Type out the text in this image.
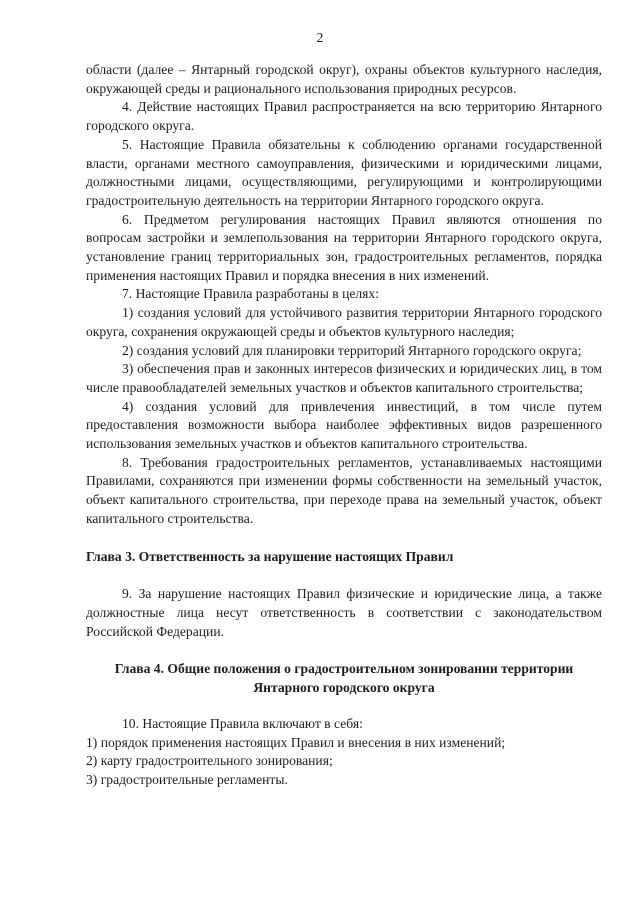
2

области (далее – Янтарный городской округ), охраны объектов культурного наследия, окружающей среды и рационального использования природных ресурсов.

4. Действие настоящих Правил распространяется на всю территорию Янтарного городского округа.

5. Настоящие Правила обязательны к соблюдению органами государственной власти, органами местного самоуправления, физическими и юридическими лицами, должностными лицами, осуществляющими, регулирующими и контролирующими градостроительную деятельность на территории Янтарного городского округа.

6. Предметом регулирования настоящих Правил являются отношения по вопросам застройки и землепользования на территории Янтарного городского округа, установление границ территориальных зон, градостроительных регламентов, порядка применения настоящих Правил и порядка внесения в них изменений.

7. Настоящие Правила разработаны в целях:

1) создания условий для устойчивого развития территории Янтарного городского округа, сохранения окружающей среды и объектов культурного наследия;

2) создания условий для планировки территорий Янтарного городского округа;

3) обеспечения прав и законных интересов физических и юридических лиц, в том числе правообладателей земельных участков и объектов капитального строительства;

4) создания условий для привлечения инвестиций, в том числе путем предоставления возможности выбора наиболее эффективных видов разрешенного использования земельных участков и объектов капитального строительства.

8. Требования градостроительных регламентов, устанавливаемых настоящими Правилами, сохраняются при изменении формы собственности на земельный участок, объект капитального строительства, при переходе права на земельный участок, объект капитального строительства.

Глава 3. Ответственность за нарушение настоящих Правил

9. За нарушение настоящих Правил физические и юридические лица, а также должностные лица несут ответственность в соответствии с законодательством Российской Федерации.

Глава 4. Общие положения о градостроительном зонировании территории
Янтарного городского округа

10. Настоящие Правила включают в себя:

1) порядок применения настоящих Правил и внесения в них изменений;

2) карту градостроительного зонирования;

3) градостроительные регламенты.
